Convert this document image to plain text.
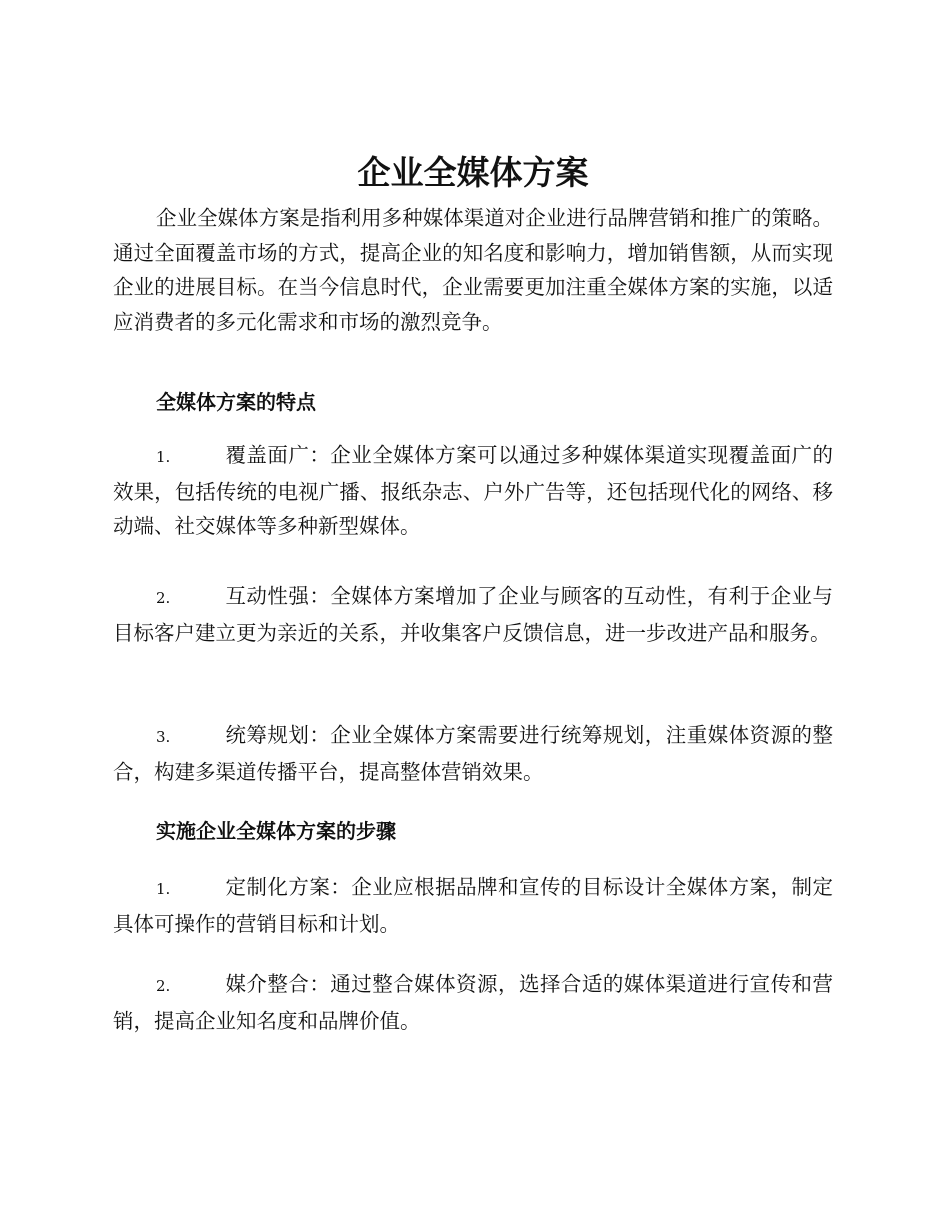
企业全媒体方案

企业全媒体方案是指利用多种媒体渠道对企业进行品牌营销和推广的策略。通过全面覆盖市场的方式，提高企业的知名度和影响力，增加销售额，从而实现企业的进展目标。在当今信息时代，企业需要更加注重全媒体方案的实施，以适应消费者的多元化需求和市场的激烈竞争。

全媒体方案的特点

1.	覆盖面广：企业全媒体方案可以通过多种媒体渠道实现覆盖面广的效果，包括传统的电视广播、报纸杂志、户外广告等，还包括现代化的网络、移动端、社交媒体等多种新型媒体。

2.	互动性强：全媒体方案增加了企业与顾客的互动性，有利于企业与目标客户建立更为亲近的关系，并收集客户反馈信息，进一步改进产品和服务。

3.	统筹规划：企业全媒体方案需要进行统筹规划，注重媒体资源的整合，构建多渠道传播平台，提高整体营销效果。

实施企业全媒体方案的步骤

1.	定制化方案：企业应根据品牌和宣传的目标设计全媒体方案，制定具体可操作的营销目标和计划。

2.	媒介整合：通过整合媒体资源，选择合适的媒体渠道进行宣传和营销，提高企业知名度和品牌价值。
